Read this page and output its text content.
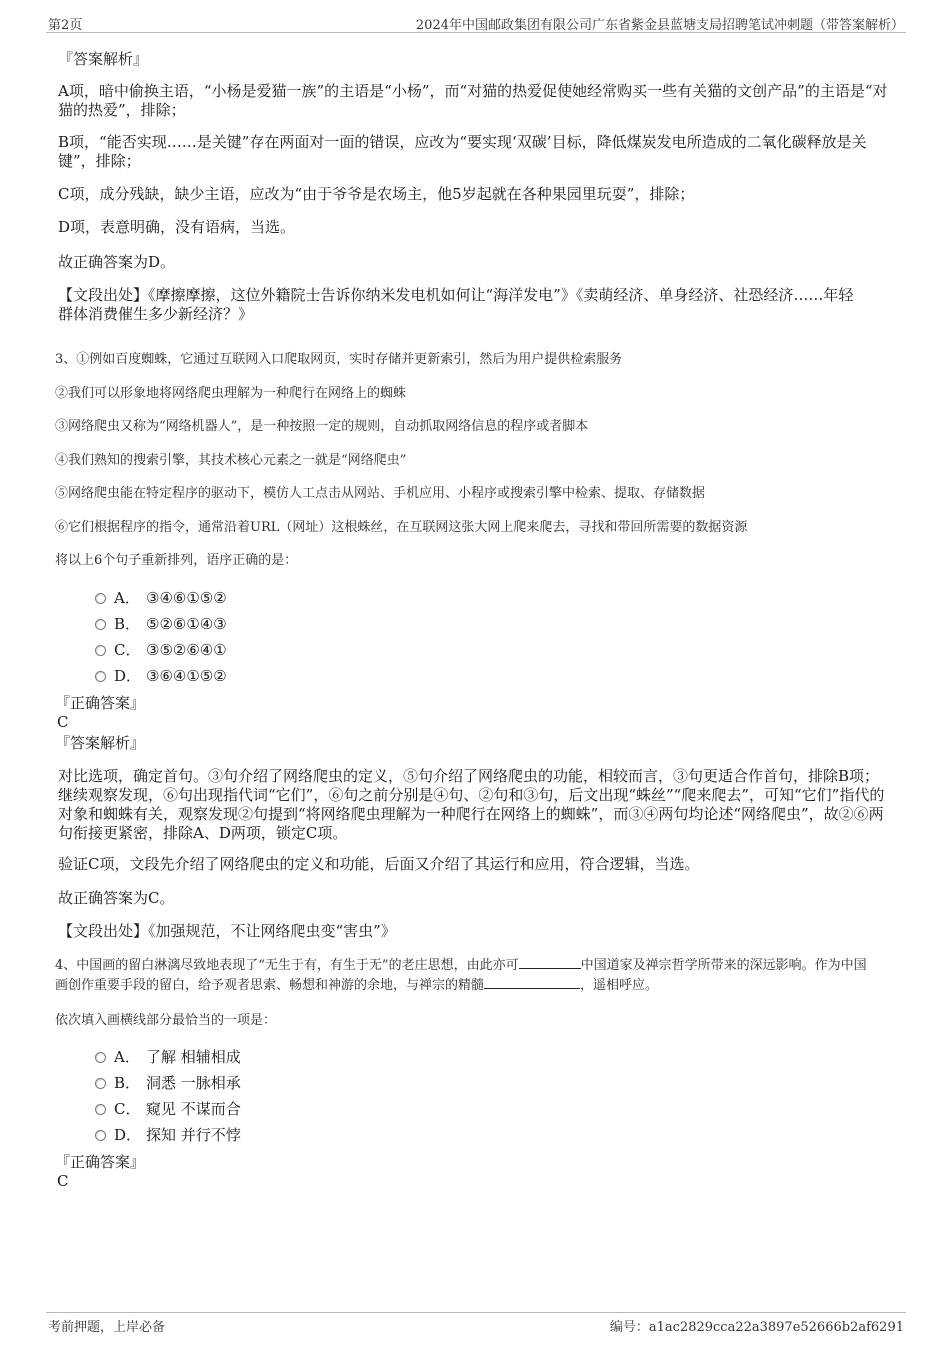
第2页	2024年中国邮政集团有限公司广东省紫金县蓝塘支局招聘笔试冲刺题（带答案解析）
『答案解析』
A项，暗中偷换主语，“小杨是爱猫一族”的主语是“小杨”，而“对猫的热爱促使她经常购买一些有关猫的文创产品”的主语是“对
猫的热爱”，排除；
B项，“能否实现……是关键”存在两面对一面的错误，应改为“要实现‘双碳’目标，降低煤炭发电所造成的二氧化碳释放是关
键”，排除；
C项，成分残缺，缺少主语，应改为“由于爷爷是农场主，他5岁起就在各种果园里玩耍”，排除；
D项，表意明确，没有语病，当选。
故正确答案为D。
【文段出处】《摩擦摩擦，这位外籍院士告诉你纳米发电机如何让“海洋发电”》《卖萌经济、单身经济、社恐经济……年轻
群体消费催生多少新经济？》
3、①例如百度蜘蛛，它通过互联网入口爬取网页，实时存储并更新索引，然后为用户提供检索服务
②我们可以形象地将网络爬虫理解为一种爬行在网络上的蜘蛛
③网络爬虫又称为“网络机器人”，是一种按照一定的规则，自动抓取网络信息的程序或者脚本
④我们熟知的搜索引擎，其技术核心元素之一就是“网络爬虫”
⑤网络爬虫能在特定程序的驱动下，模仿人工点击从网站、手机应用、小程序或搜索引擎中检索、提取、存储数据
⑥它们根据程序的指令，通常沿着URL（网址）这根蛛丝，在互联网这张大网上爬来爬去，寻找和带回所需要的数据资源
将以上6个句子重新排列，语序正确的是：
A． ③④⑥①⑤②
B． ⑤②⑥①④③
C． ③⑤②⑥④①
D． ③⑥④①⑤②
『正确答案』
C
『答案解析』
对比选项，确定首句。③句介绍了网络爬虫的定义，⑤句介绍了网络爬虫的功能，相较而言，③句更适合作首句，排除B项；
继续观察发现，⑥句出现指代词“它们”，⑥句之前分别是④句、②句和③句，后文出现“蛛丝”“爬来爬去”，可知“它们”指代的
对象和蜘蛛有关，观察发现②句提到“将网络爬虫理解为一种爬行在网络上的蜘蛛”，而③④两句均论述“网络爬虫”，故②⑥两
句衔接更紧密，排除A、D两项，锁定C项。
验证C项，文段先介绍了网络爬虫的定义和功能，后面又介绍了其运行和应用，符合逻辑，当选。
故正确答案为C。
【文段出处】《加强规范，不让网络爬虫变“害虫”》
4、中国画的留白淋漓尽致地表现了“无生于有，有生于无”的老庄思想，由此亦可	中国道家及禅宗哲学所带来的深远影响。作为中国
画创作重要手段的留白，给予观者思索、畅想和神游的余地，与禅宗的精髓	，遥相呼应。
依次填入画横线部分最恰当的一项是：
A． 了解 相辅相成
B． 洞悉 一脉相承
C． 窥见 不谋而合
D． 探知 并行不悖
『正确答案』
C
考前押题，上岸必备	编号：a1ac2829cca22a3897e52666b2af6291
